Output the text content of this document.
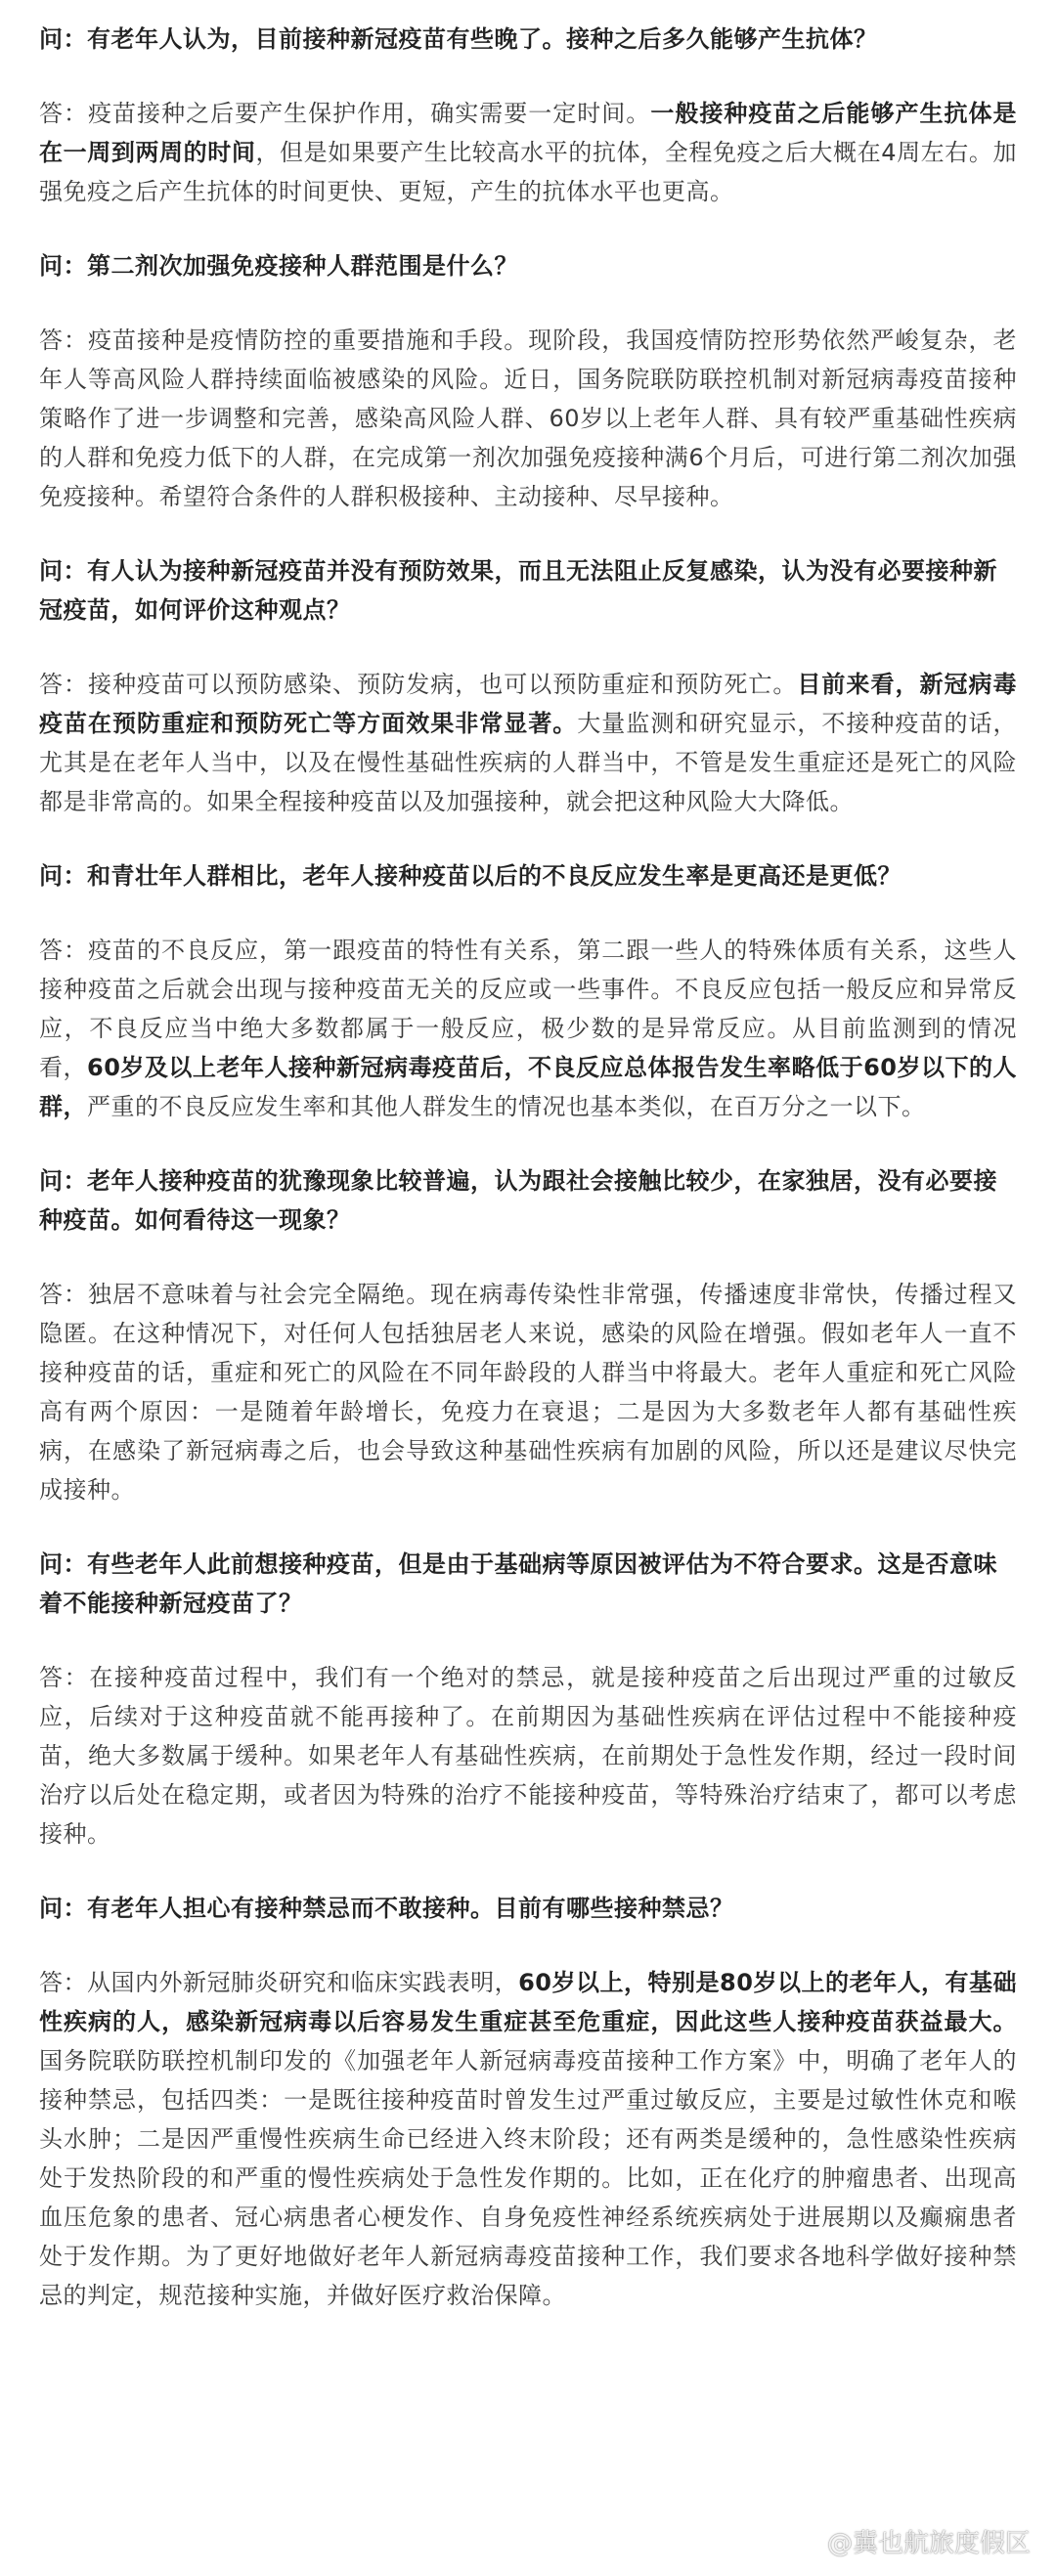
问：有老年人认为，目前接种新冠疫苗有些晚了。接种之后多久能够产生抗体？

答：疫苗接种之后要产生保护作用，确实需要一定时间。一般接种疫苗之后能够产生抗体是在一周到两周的时间，但是如果要产生比较高水平的抗体，全程免疫之后大概在4周左右。加强免疫之后产生抗体的时间更快、更短，产生的抗体水平也更高。

问：第二剂次加强免疫接种人群范围是什么？

答：疫苗接种是疫情防控的重要措施和手段。现阶段，我国疫情防控形势依然严峻复杂，老年人等高风险人群持续面临被感染的风险。近日，国务院联防联控机制对新冠病毒疫苗接种策略作了进一步调整和完善，感染高风险人群、60岁以上老年人群、具有较严重基础性疾病的人群和免疫力低下的人群，在完成第一剂次加强免疫接种满6个月后，可进行第二剂次加强免疫接种。希望符合条件的人群积极接种、主动接种、尽早接种。

问：有人认为接种新冠疫苗并没有预防效果，而且无法阻止反复感染，认为没有必要接种新冠疫苗，如何评价这种观点？

答：接种疫苗可以预防感染、预防发病，也可以预防重症和预防死亡。目前来看，新冠病毒疫苗在预防重症和预防死亡等方面效果非常显著。大量监测和研究显示，不接种疫苗的话，尤其是在老年人当中，以及在慢性基础性疾病的人群当中，不管是发生重症还是死亡的风险都是非常高的。如果全程接种疫苗以及加强接种，就会把这种风险大大降低。

问：和青壮年人群相比，老年人接种疫苗以后的不良反应发生率是更高还是更低？

答：疫苗的不良反应，第一跟疫苗的特性有关系，第二跟一些人的特殊体质有关系，这些人接种疫苗之后就会出现与接种疫苗无关的反应或一些事件。不良反应包括一般反应和异常反应，不良反应当中绝大多数都属于一般反应，极少数的是异常反应。从目前监测到的情况看，60岁及以上老年人接种新冠病毒疫苗后，不良反应总体报告发生率略低于60岁以下的人群，严重的不良反应发生率和其他人群发生的情况也基本类似，在百万分之一以下。

问：老年人接种疫苗的犹豫现象比较普遍，认为跟社会接触比较少，在家独居，没有必要接种疫苗。如何看待这一现象？

答：独居不意味着与社会完全隔绝。现在病毒传染性非常强，传播速度非常快，传播过程又隐匿。在这种情况下，对任何人包括独居老人来说，感染的风险在增强。假如老年人一直不接种疫苗的话，重症和死亡的风险在不同年龄段的人群当中将最大。老年人重症和死亡风险高有两个原因：一是随着年龄增长，免疫力在衰退；二是因为大多数老年人都有基础性疾病，在感染了新冠病毒之后，也会导致这种基础性疾病有加剧的风险，所以还是建议尽快完成接种。

问：有些老年人此前想接种疫苗，但是由于基础病等原因被评估为不符合要求。这是否意味着不能接种新冠疫苗了？

答：在接种疫苗过程中，我们有一个绝对的禁忌，就是接种疫苗之后出现过严重的过敏反应，后续对于这种疫苗就不能再接种了。在前期因为基础性疾病在评估过程中不能接种疫苗，绝大多数属于缓种。如果老年人有基础性疾病，在前期处于急性发作期，经过一段时间治疗以后处在稳定期，或者因为特殊的治疗不能接种疫苗，等特殊治疗结束了，都可以考虑接种。

问：有老年人担心有接种禁忌而不敢接种。目前有哪些接种禁忌？

答：从国内外新冠肺炎研究和临床实践表明，60岁以上，特别是80岁以上的老年人，有基础性疾病的人，感染新冠病毒以后容易发生重症甚至危重症，因此这些人接种疫苗获益最大。国务院联防联控机制印发的《加强老年人新冠病毒疫苗接种工作方案》中，明确了老年人的接种禁忌，包括四类：一是既往接种疫苗时曾发生过严重过敏反应，主要是过敏性休克和喉头水肿；二是因严重慢性疾病生命已经进入终末阶段；还有两类是缓种的，急性感染性疾病处于发热阶段的和严重的慢性疾病处于急性发作期的。比如，正在化疗的肿瘤患者、出现高血压危象的患者、冠心病患者心梗发作、自身免疫性神经系统疾病处于进展期以及癫痫患者处于发作期。为了更好地做好老年人新冠病毒疫苗接种工作，我们要求各地科学做好接种禁忌的判定，规范接种实施，并做好医疗救治保障。

@冀也航旅度假区
